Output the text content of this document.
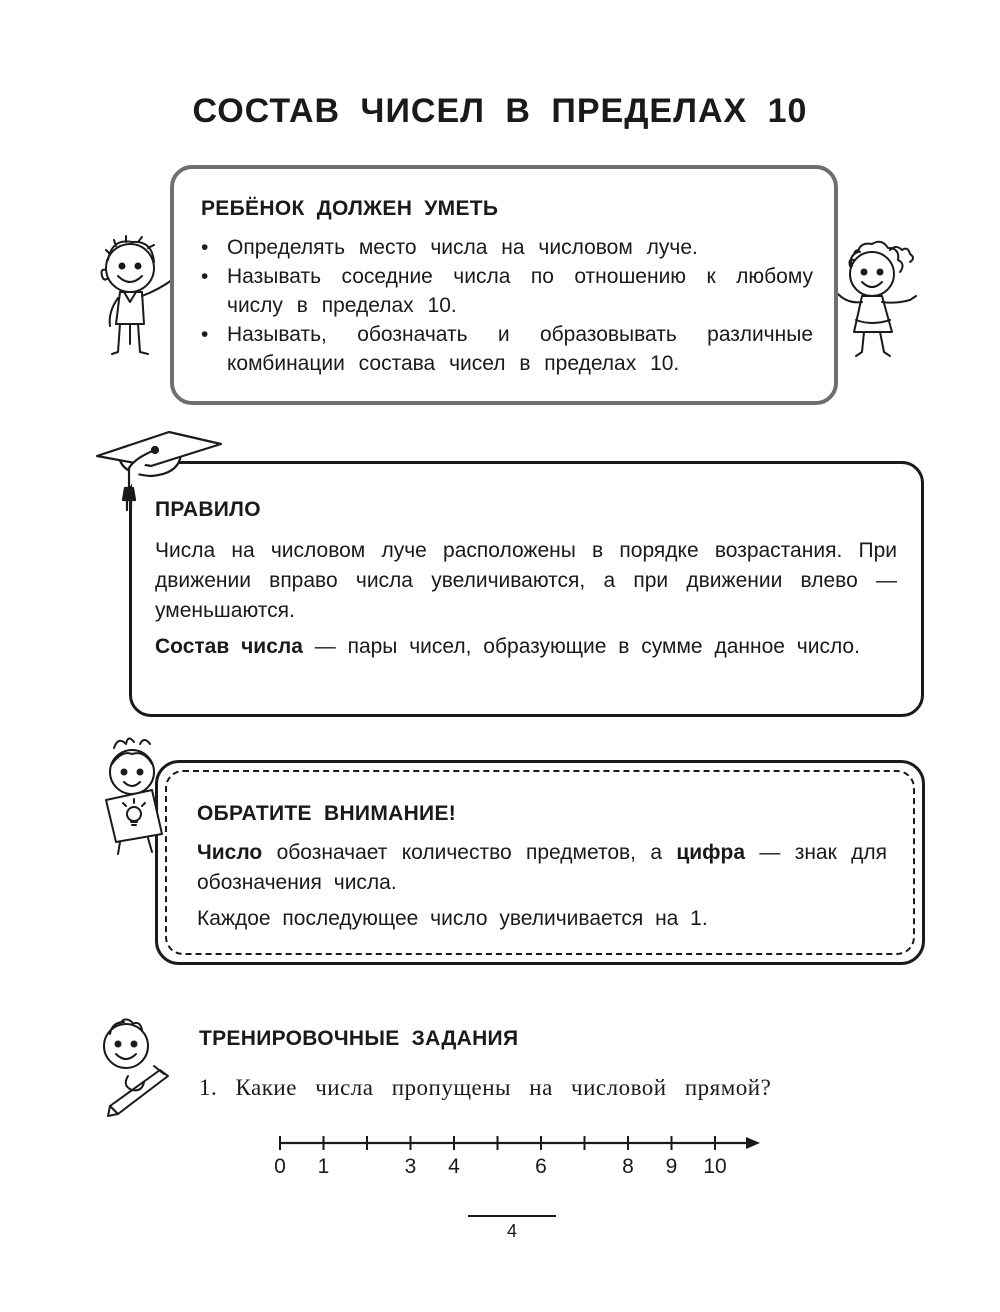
СОСТАВ ЧИСЕЛ В ПРЕДЕЛАХ 10
РЕБЁНОК ДОЛЖЕН УМЕТЬ
• Определять место числа на числовом луче.
• Называть соседние числа по отношению к любому числу в пределах 10.
• Называть, обозначать и образовывать различные комбинации состава чисел в пределах 10.
ПРАВИЛО

Числа на числовом луче расположены в порядке возрастания. При движении вправо числа увеличиваются, а при движении влево — уменьшаются.

Состав числа — пары чисел, образующие в сумме данное число.

ОБРАТИТЕ ВНИМАНИЕ!

Число обозначает количество предметов, а цифра — знак для обозначения числа.

Каждое последующее число увеличивается на 1.

ТРЕНИРОВОЧНЫЕ ЗАДАНИЯ
1. Какие числа пропущены на числовой прямой?
0 1	3 4	6	8 9 10
4
